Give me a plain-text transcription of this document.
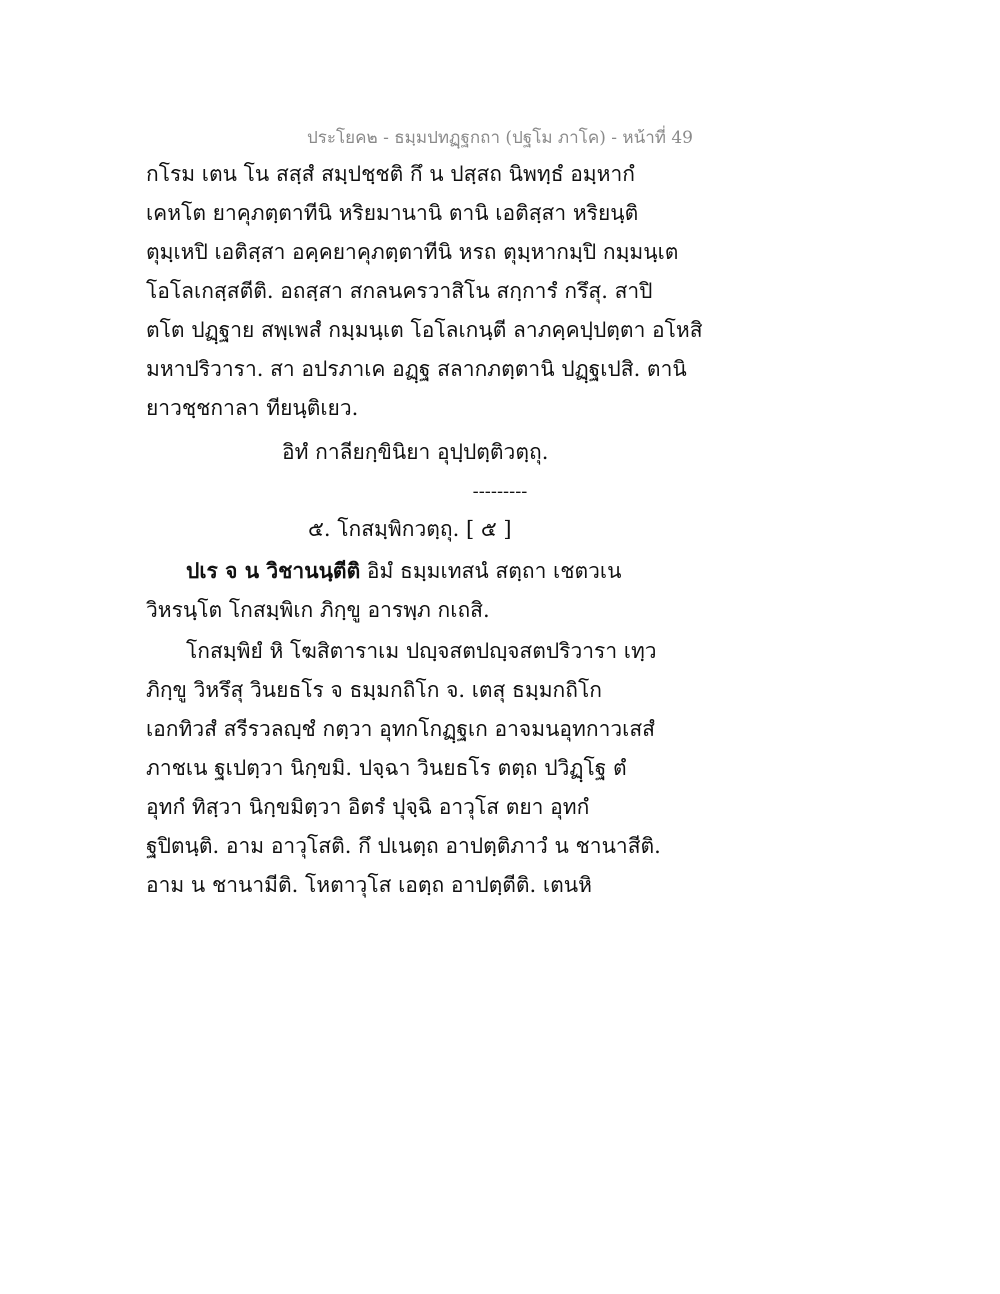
ประโยค๒ - ธมฺมปทฏฺฐกถา (ปฐโม ภาโค) - หน้าที่ 49
กโรม เตน โน สสฺสํ สมฺปชฺชติ กึ น ปสฺสถ นิพทฺธํ อมฺหากํ
เคหโต ยาคุภตฺตาทีนิ หริยมานานิ ตานิ เอติสฺสา หริยนฺติ
ตุมฺเหปิ เอติสฺสา อคฺคยาคุภตฺตาทีนิ หรถ ตุมฺหากมฺปิ กมฺมนฺเต
โอโลเกสฺสตีติ. อถสฺสา สกลนครวาสิโน สกฺการํ กรึสุ. สาปิ
ตโต ปฏฺฐาย สพฺเพสํ กมฺมนฺเต โอโลเกนฺตี ลาภคฺคปฺปตฺตา อโหสิ
มหาปริวารา. สา อปรภาเค อฏฺฐ สลากภตฺตานิ ปฏฺฐเปสิ. ตานิ
ยาวชฺชกาลา ทียนฺติเยว.
อิทํ กาลียกฺขินิยา อุปฺปตฺติวตฺถุ.
---------
๕. โกสมฺพิกวตฺถุ. [ ๕ ]
ปเร จ น วิชานนฺตีติ อิมํ ธมฺมเทสนํ สตฺถา เชตวเน
วิหรนฺโต โกสมฺพิเก ภิกฺขู อารพฺภ กเถสิ.
โกสมฺพิยํ หิ โฆสิตาราเม ปญฺจสตปญฺจสตปริวารา เทฺว
ภิกฺขู วิหรึสุ วินยธโร จ ธมฺมกถิโก จ. เตสุ ธมฺมกถิโก
เอกทิวสํ สรีรวลญฺชํ กตฺวา อุทกโกฏฺฐเก อาจมนอุทกาวเสสํ
ภาชเน ฐเปตฺวา นิกฺขมิ. ปจฺฉา วินยธโร ตตฺถ ปวิฏฺโฐ ตํ
อุทกํ ทิสฺวา นิกฺขมิตฺวา อิตรํ ปุจฺฉิ อาวุโส ตยา อุทกํ
ฐปิตนฺติ. อาม อาวุโสติ. กึ ปเนตฺถ อาปตฺติภาวํ น ชานาสีติ.
อาม น ชานามีติ. โหตาวุโส เอตฺถ อาปตฺตีติ. เตนหิ
